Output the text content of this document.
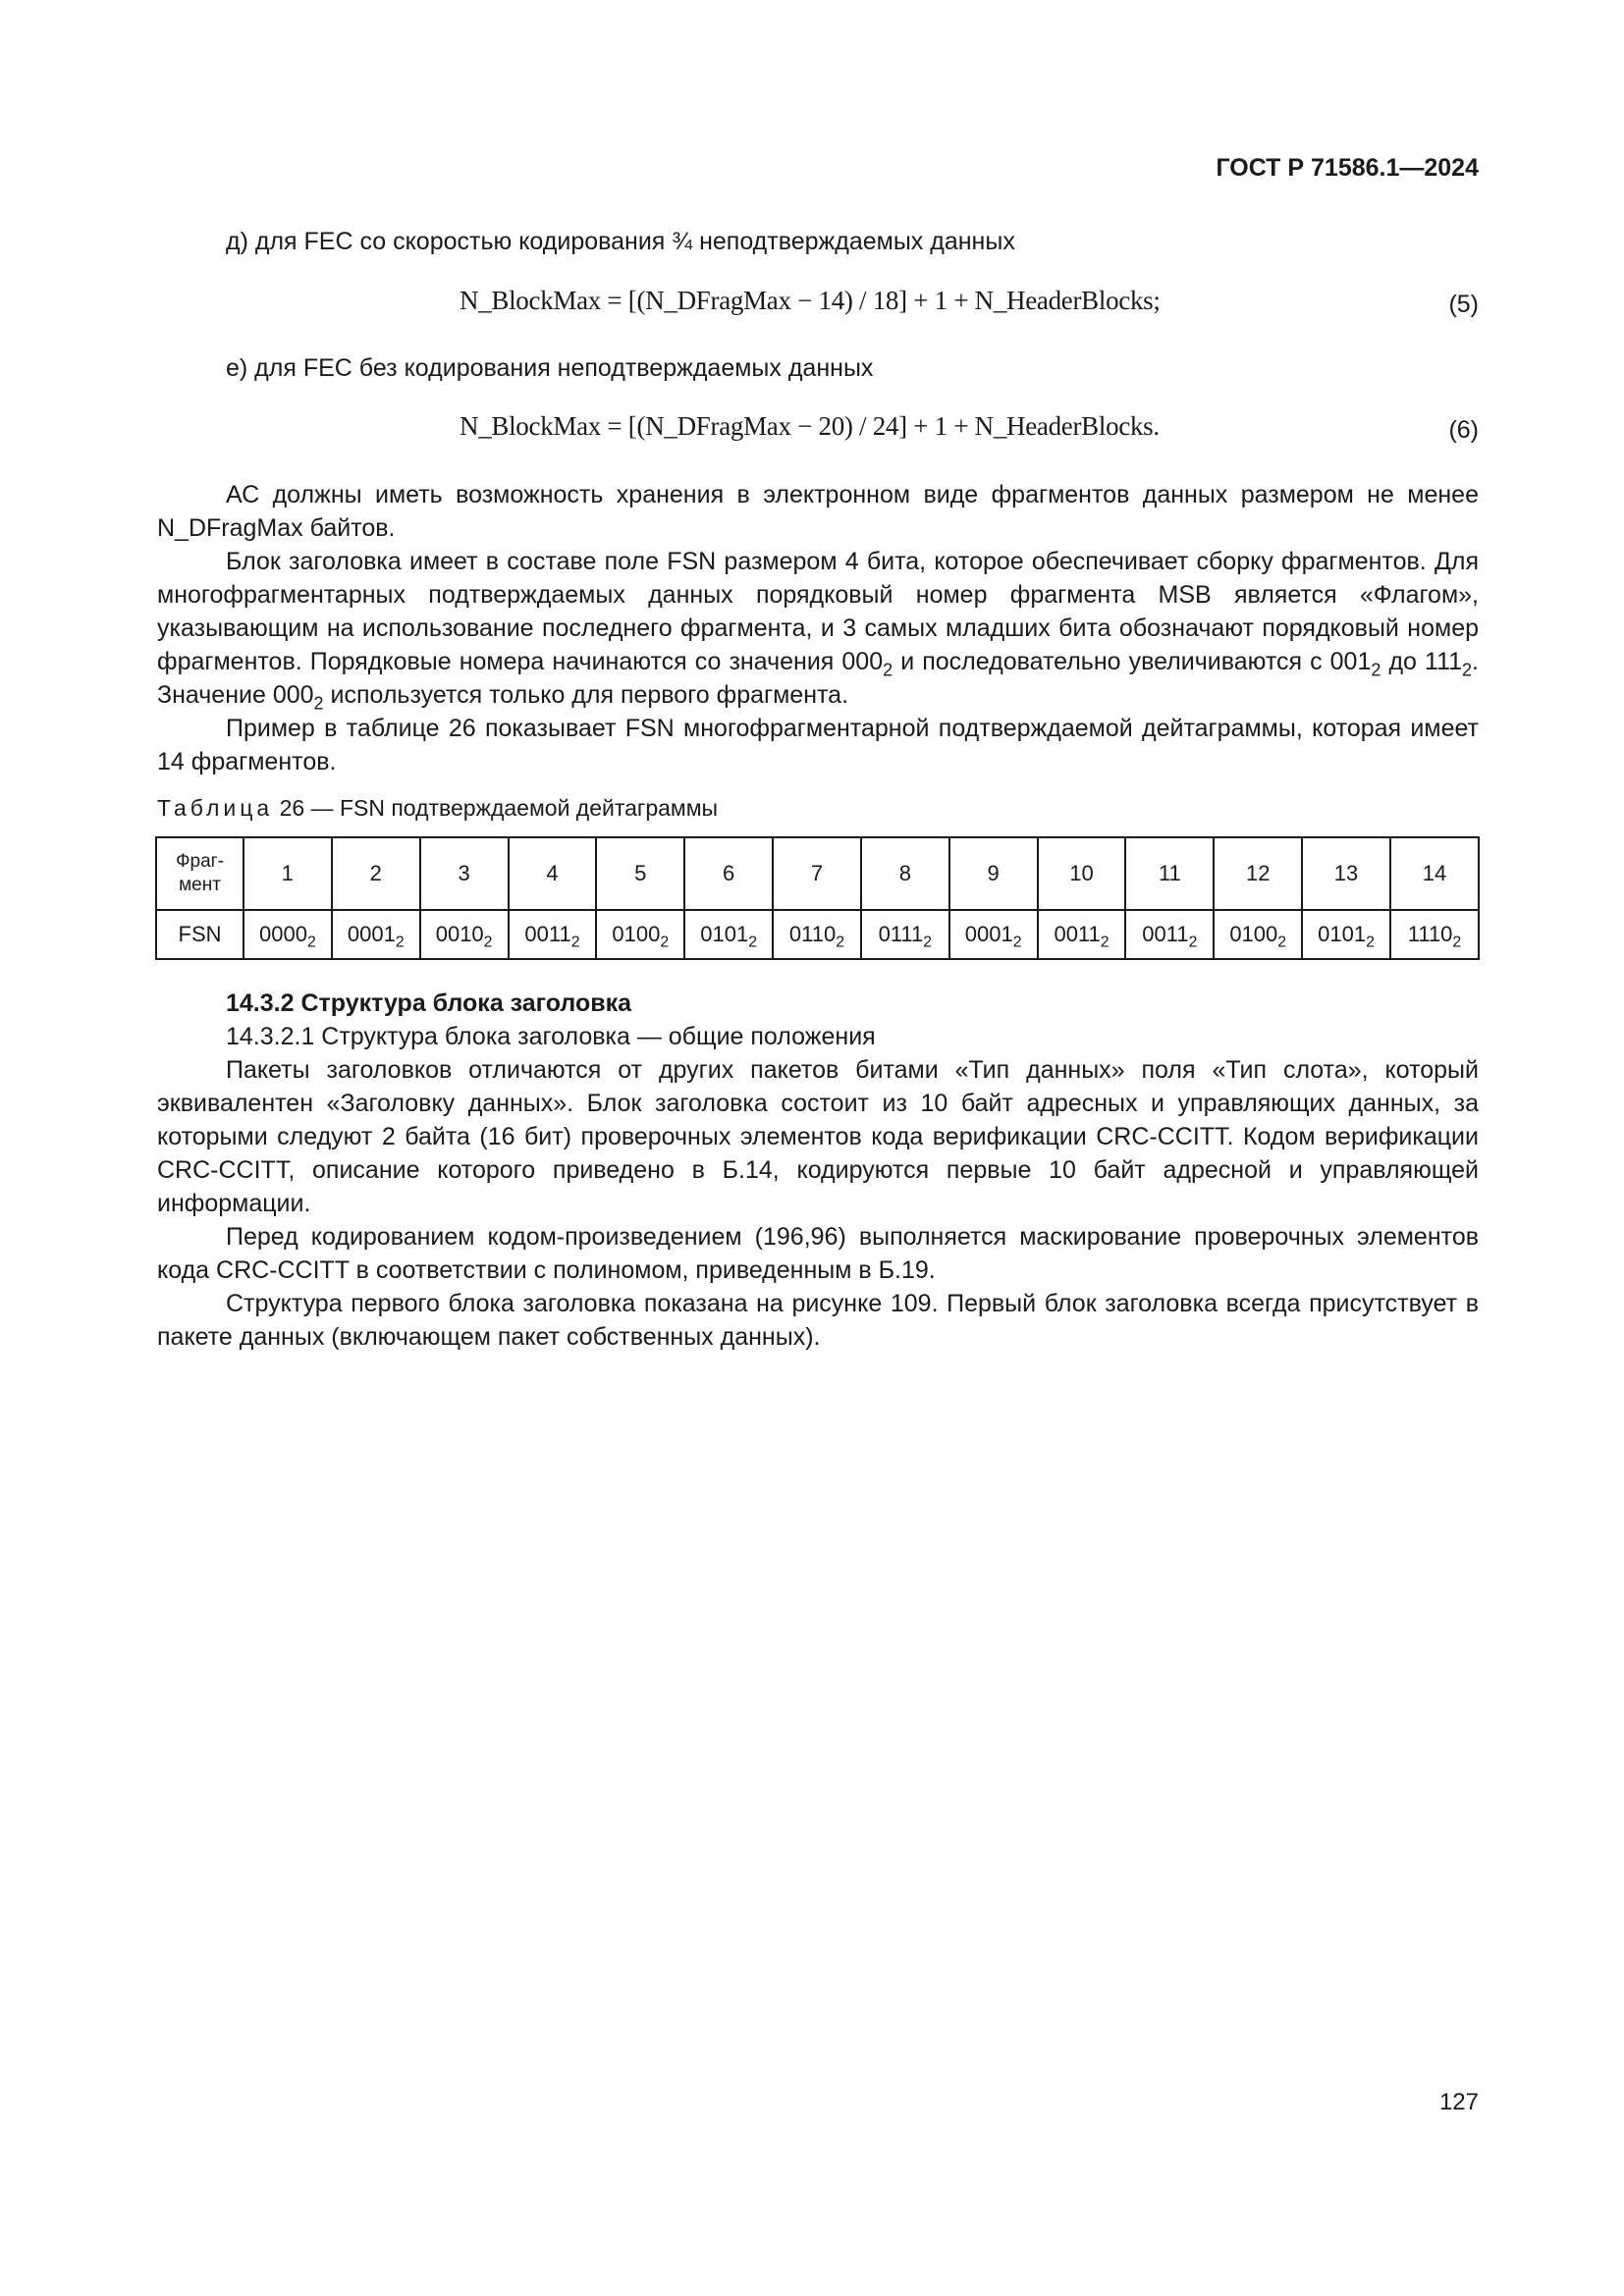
ГОСТ Р 71586.1—2024
д) для FEC со скоростью кодирования ¾ неподтверждаемых данных
N_BlockMax = [(N_DFragMax − 14) / 18] + 1 + N_HeaderBlocks;	(5)
е) для FEC без кодирования неподтверждаемых данных
N_BlockMax = [(N_DFragMax − 20) / 24] + 1 + N_HeaderBlocks.	(6)

АС должны иметь возможность хранения в электронном виде фрагментов данных размером не менее N_DFragMax байтов.

Блок заголовка имеет в составе поле FSN размером 4 бита, которое обеспечивает сборку фрагментов. Для многофрагментарных подтверждаемых данных порядковый номер фрагмента MSB является «Флагом», указывающим на использование последнего фрагмента, и 3 самых младших бита обозначают порядковый номер фрагментов. Порядковые номера начинаются со значения $000_2$ и последовательно увеличиваются с $001_2$ до $111_2$. Значение $000_2$ используется только для первого фрагмента.

Пример в таблице 26 показывает FSN многофрагментарной подтверждаемой дейтаграммы, которая имеет 14 фрагментов.

Таблица 26 — FSN подтверждаемой дейтаграммы
Фраг-
мент	1	2	3	4	5	6	7	8	9	10	11	12	13	14
FSN	$0000_2$	$0001_2$	$0010_2$	$0011_2$	$0100_2$	$0101_2$	$0110_2$	$0111_2$	$0001_2$	$0011_2$	$0011_2$	$0100_2$	$0101_2$	$1110_2$

14.3.2 Структура блока заголовка

14.3.2.1 Структура блока заголовка — общие положения

Пакеты заголовков отличаются от других пакетов битами «Тип данных» поля «Тип слота», который эквивалентен «Заголовку данных». Блок заголовка состоит из 10 байт адресных и управляющих данных, за которыми следуют 2 байта (16 бит) проверочных элементов кода верификации CRC-CCITT. Кодом верификации CRC-CCITT, описание которого приведено в Б.14, кодируются первые 10 байт адресной и управляющей информации.

Перед кодированием кодом-произведением (196,96) выполняется маскирование проверочных элементов кода CRC-CCITT в соответствии с полиномом, приведенным в Б.19.

Структура первого блока заголовка показана на рисунке 109. Первый блок заголовка всегда присутствует в пакете данных (включающем пакет собственных данных).

127
